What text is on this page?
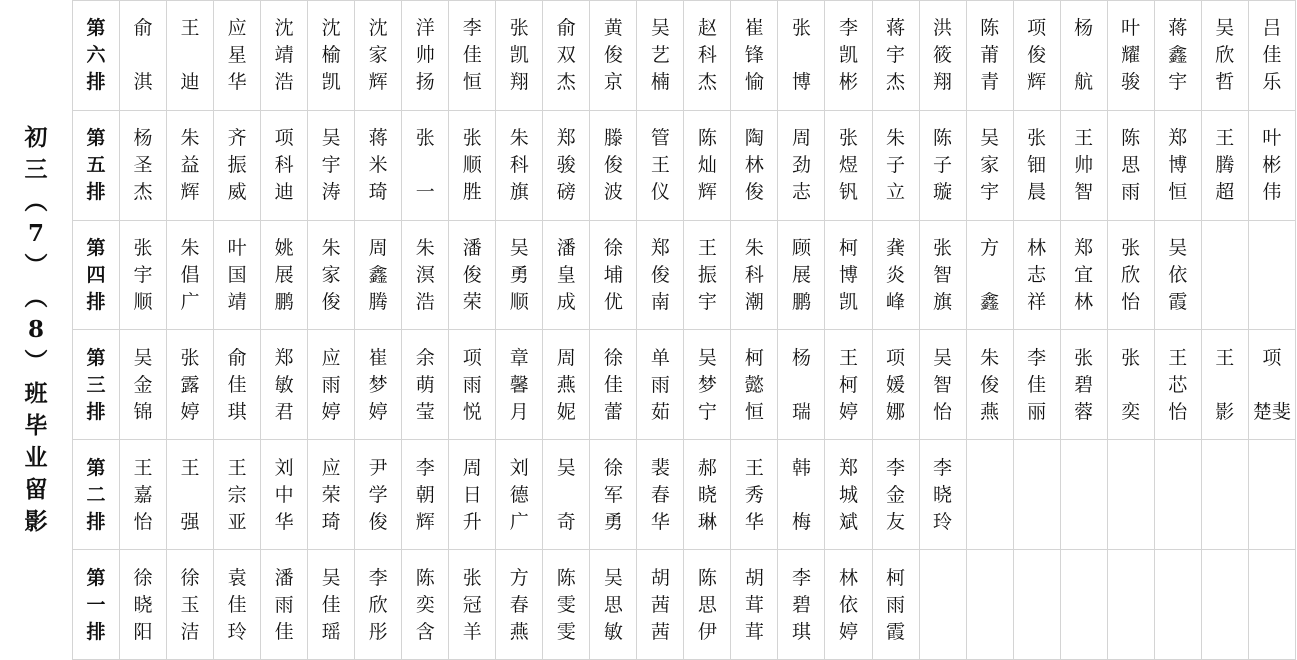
初
三
︵
7
︶
︵
8
︶
班
毕
业
留
影
第
六
排	俞
淇	王
迪	应
星
华	沈
靖
浩	沈
榆
凯	沈
家
辉	洋
帅
扬	李
佳
恒	张
凯
翔	俞
双
杰	黄
俊
京	吴
艺
楠	赵
科
杰	崔
锋
愉	张
博	李
凯
彬	蒋
宇
杰	洪
筱
翔	陈
莆
青	项
俊
辉	杨
航	叶
耀
骏	蒋
鑫
宇	吴
欣
哲	吕
佳
乐

第
五
排	杨
圣
杰	朱
益
辉	齐
振
威	项
科
迪	吴
宇
涛	蒋
米
琦	张
一	张
顺
胜	朱
科
旗	郑
骏
磅	滕
俊
波	管
王
仪	陈
灿
辉	陶
林
俊	周
劲
志	张
煜
钒	朱
子
立	陈
子
璇	吴
家
宇	张
钿
晨	王
帅
智	陈
思
雨	郑
博
恒	王
腾
超	叶
彬
伟

第
四
排	张
宇
顺	朱
倡
广	叶
国
靖	姚
展
鹏	朱
家
俊	周
鑫
腾	朱
溟
浩	潘
俊
荣	吴
勇
顺	潘
皇
成	徐
埔
优	郑
俊
南	王
振
宇	朱
科
潮	顾
展
鹏	柯
博
凯	龚
炎
峰	张
智
旗	方
鑫	林
志
祥	郑
宜
林	张
欣
怡	吴
依
霞		

第
三
排	吴
金
锦	张
露
婷	俞
佳
琪	郑
敏
君	应
雨
婷	崔
梦
婷	余
萌
莹	项
雨
悦	章
馨
月	周
燕
妮	徐
佳
蕾	单
雨
茹	吴
梦
宁	柯
懿
恒	杨
瑞	王
柯
婷	项
媛
娜	吴
智
怡	朱
俊
燕	李
佳
丽	张
碧
蓉	张
奕	王
芯
怡	王
影	项
楚斐

第
二
排	王
嘉
怡	王
强	王
宗
亚	刘
中
华	应
荣
琦	尹
学
俊	李
朝
辉	周
日
升	刘
德
广	吴
奇	徐
军
勇	裴
春
华	郝
晓
琳	王
秀
华	韩
梅	郑
城
斌	李
金
友	李
晓
玲							

第
一
排	徐
晓
阳	徐
玉
洁	袁
佳
玲	潘
雨
佳	吴
佳
瑶	李
欣
彤	陈
奕
含	张
冠
羊	方
春
燕	陈
雯
雯	吴
思
敏	胡
茜
茜	陈
思
伊	胡
茸
茸	李
碧
琪	林
依
婷	柯
雨
霞								
